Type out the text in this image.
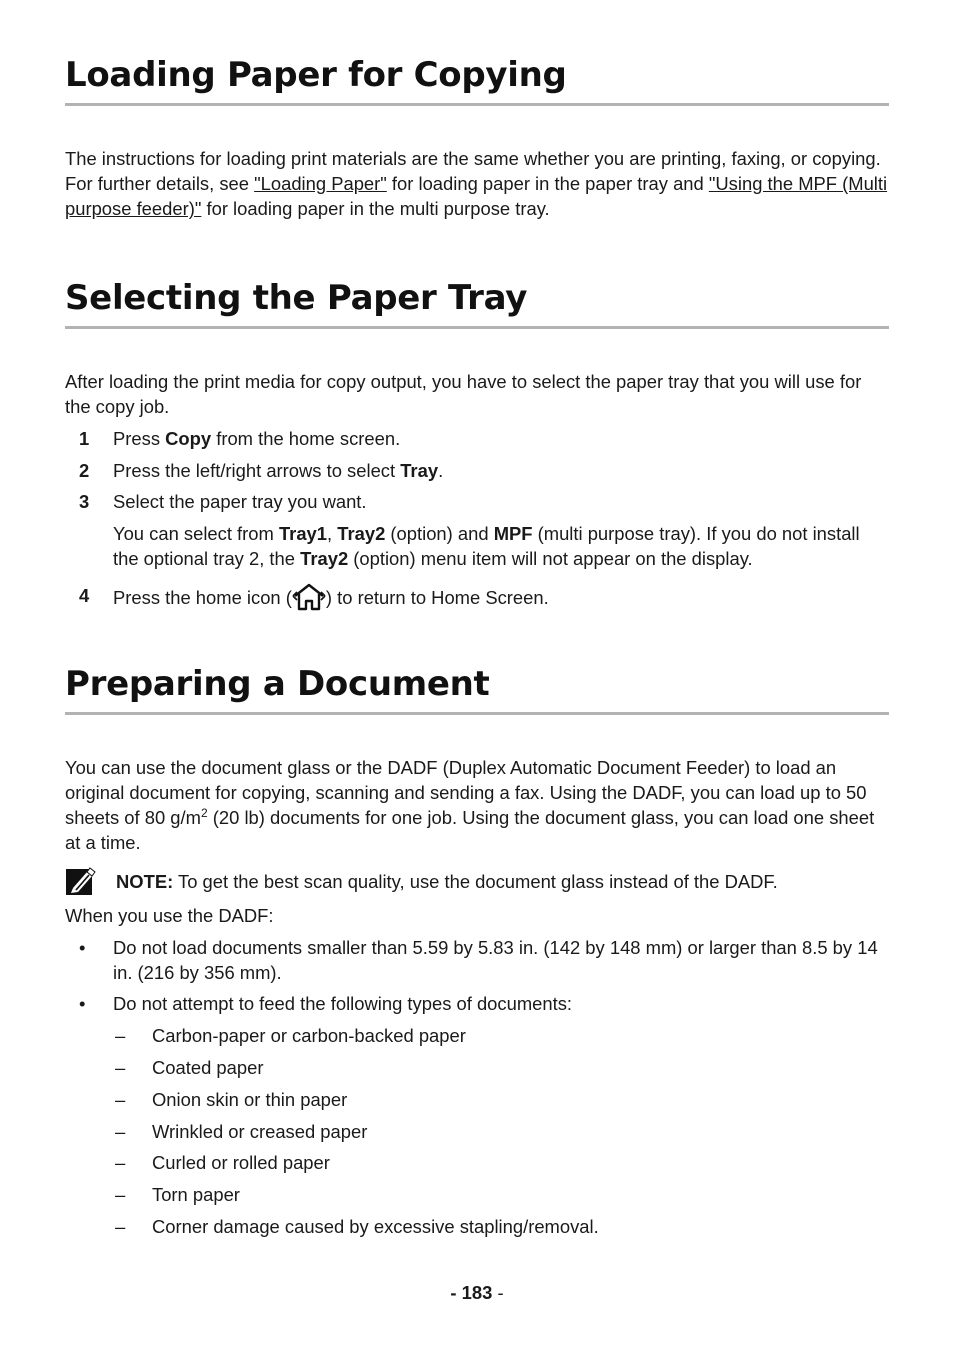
Loading Paper for Copying

The instructions for loading print materials are the same whether you are printing, faxing, or copying. For further details, see "Loading Paper" for loading paper in the paper tray and "Using the MPF (Multi purpose feeder)" for loading paper in the multi purpose tray.

Selecting the Paper Tray

After loading the print media for copy output, you have to select the paper tray that you will use for the copy job.

1 Press Copy from the home screen.
2 Press the left/right arrows to select Tray.
3 Select the paper tray you want.
You can select from Tray1, Tray2 (option) and MPF (multi purpose tray). If you do not install the optional tray 2, the Tray2 (option) menu item will not appear on the display.
4 Press the home icon ( ) to return to Home Screen.
Preparing a Document

You can use the document glass or the DADF (Duplex Automatic Document Feeder) to load an original document for copying, scanning and sending a fax. Using the DADF, you can load up to 50 sheets of 80 $g/m^2$ (20 lb) documents for one job. Using the document glass, you can load one sheet at a time.

NOTE: To get the best scan quality, use the document glass instead of the DADF.

When you use the DADF:

• Do not load documents smaller than 5.59 by 5.83 in. (142 by 148 mm) or larger than 8.5 by 14 in. (216 by 356 mm).
• Do not attempt to feed the following types of documents:
– Carbon-paper or carbon-backed paper
– Coated paper
– Onion skin or thin paper
– Wrinkled or creased paper
– Curled or rolled paper
– Torn paper
– Corner damage caused by excessive stapling/removal.
- 183 -
